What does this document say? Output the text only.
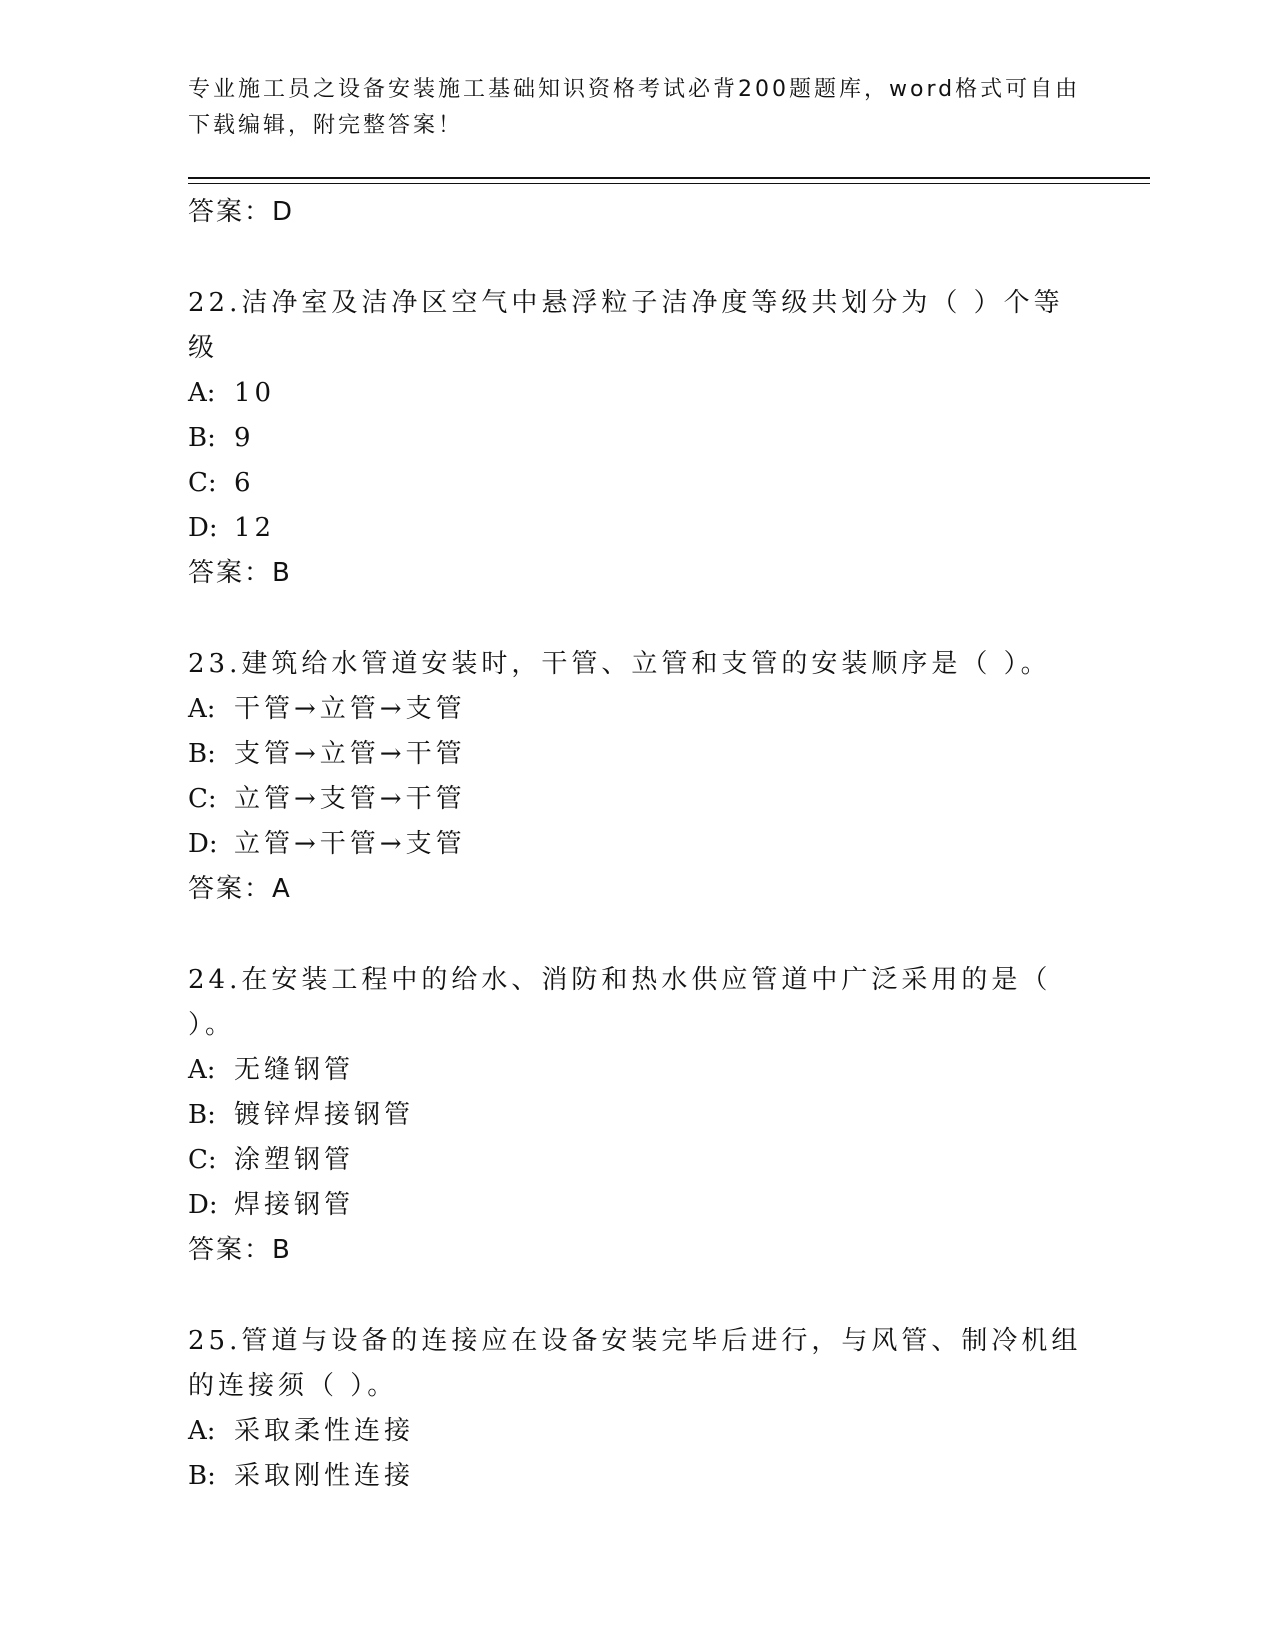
专业施工员之设备安装施工基础知识资格考试必背200题题库，word格式可自由下载编辑，附完整答案！
答案：D
22.洁净室及洁净区空气中悬浮粒子洁净度等级共划分为（ ）个等级
A: 10
B: 9
C: 6
D: 12
答案：B
23.建筑给水管道安装时，干管、立管和支管的安装顺序是（ ）。
A: 干管→立管→支管
B: 支管→立管→干管
C: 立管→支管→干管
D: 立管→干管→支管
答案：A
24.在安装工程中的给水、消防和热水供应管道中广泛采用的是（ ）。
A: 无缝钢管
B: 镀锌焊接钢管
C: 涂塑钢管
D: 焊接钢管
答案：B
25.管道与设备的连接应在设备安装完毕后进行，与风管、制冷机组的连接须（ ）。
A: 采取柔性连接
B: 采取刚性连接
